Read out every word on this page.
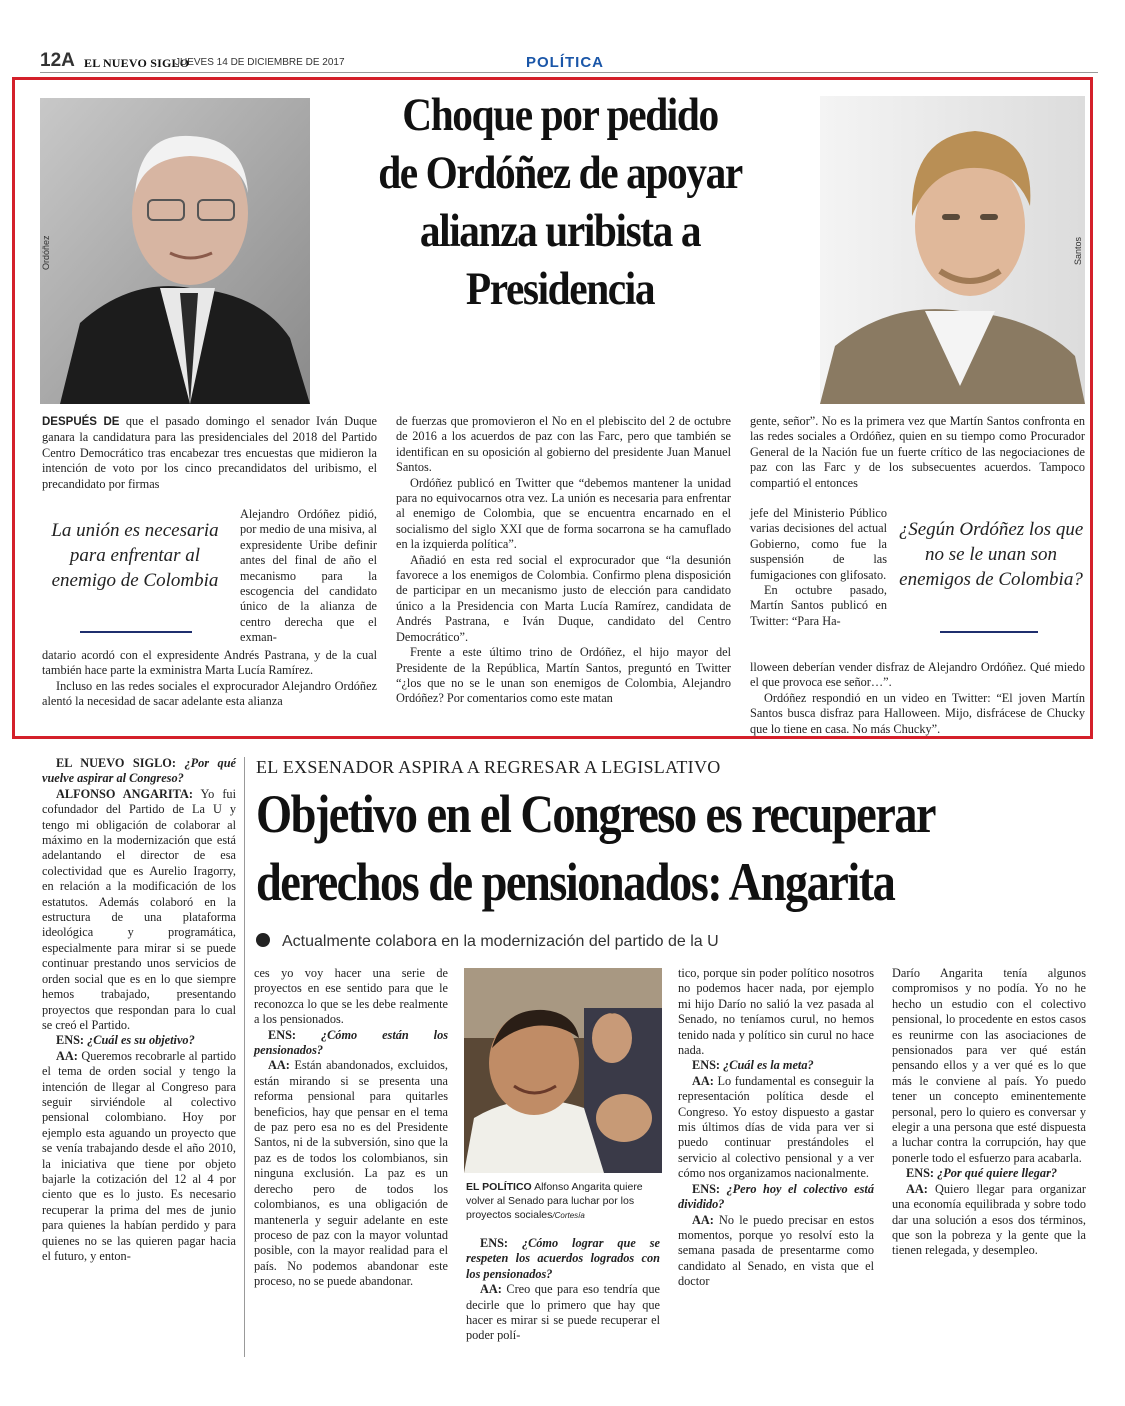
12A EL NUEVO SIGLO
JUEVES 14 DE DICIEMBRE DE 2017	POLÍTICA
Ordóñez	Santos
Choque por pedido
de Ordóñez de apoyar
alianza uribista a
Presidencia

DESPUÉS DE que el pasado domingo el senador Iván Duque ganara la candidatura para las presidenciales del 2018 del Partido Centro Democrático tras encabezar tres encuestas que midieron la intención de voto por los cinco precandidatos del uribismo, el precandidato por firmas

La unión es necesaria para enfrentar al enemigo de Colombia

Alejandro Ordóñez pidió, por medio de una misiva, al expresidente Uribe definir antes del final de año el mecanismo para la escogencia del candidato único de la alianza de centro derecha que el exman-

datario acordó con el expresidente Andrés Pastrana, y de la cual también hace parte la exministra Marta Lucía Ramírez.

Incluso en las redes sociales el exprocurador Alejandro Ordóñez alentó la necesidad de sacar adelante esta alianza

de fuerzas que promovieron el No en el plebiscito del 2 de octubre de 2016 a los acuerdos de paz con las Farc, pero que también se identifican en su oposición al gobierno del presidente Juan Manuel Santos.

Ordóñez publicó en Twitter que “debemos mantener la unidad para no equivocarnos otra vez. La unión es necesaria para enfrentar al enemigo de Colombia, que se encuentra encarnado en el socialismo del siglo XXI que de forma socarrona se ha camuflado en la izquierda política”.

Añadió en esta red social el exprocurador que “la desunión favorece a los enemigos de Colombia. Confirmo plena disposición de participar en un mecanismo justo de elección para candidato único a la Presidencia con Marta Lucía Ramírez, candidata de Andrés Pastrana, e Iván Duque, candidato del Centro Democrático”.

Frente a este último trino de Ordóñez, el hijo mayor del Presidente de la República, Martín Santos, preguntó en Twitter “¿los que no se le unan son enemigos de Colombia, Alejandro Ordóñez? Por comentarios como este matan

gente, señor”. No es la primera vez que Martín Santos confronta en las redes sociales a Ordóñez, quien en su tiempo como Procurador General de la Nación fue un fuerte crítico de las negociaciones de paz con las Farc y de los subsecuentes acuerdos. Tampoco compartió el entonces

jefe del Ministerio Público varias decisiones del actual Gobierno, como fue la suspensión de las fumigaciones con glifosato.

En octubre pasado, Martín Santos publicó en Twitter: “Para Ha-

¿Según Ordóñez los que no se le unan son enemigos de Colombia?

lloween deberían vender disfraz de Alejandro Ordóñez. Qué miedo el que provoca ese señor…”.

Ordóñez respondió en un video en Twitter: “El joven Martín Santos busca disfraz para Halloween. Mijo, disfrácese de Chucky que lo tiene en casa. No más Chucky”.

EL EXSENADOR ASPIRA A REGRESAR A LEGISLATIVO
Objetivo en el Congreso es recuperar
derechos de pensionados: Angarita
Actualmente colabora en la modernización del partido de la U

EL NUEVO SIGLO: ¿Por qué vuelve aspirar al Congreso?

ALFONSO ANGARITA: Yo fui cofundador del Partido de La U y tengo mi obligación de colaborar al máximo en la modernización que está adelantando el director de esa colectividad que es Aurelio Iragorry, en relación a la modificación de los estatutos. Además colaboró en la estructura de una plataforma ideológica y programática, especialmente para mirar si se puede continuar prestando unos servicios de orden social que es en lo que siempre hemos trabajado, presentando proyectos que respondan para lo cual se creó el Partido.

ENS: ¿Cuál es su objetivo?

AA: Queremos recobrarle al partido el tema de orden social y tengo la intención de llegar al Congreso para seguir sirviéndole al colectivo pensional colombiano. Hoy por ejemplo esta aguando un proyecto que se venía trabajando desde el año 2010, la iniciativa que tiene por objeto bajarle la cotización del 12 al 4 por ciento que es lo justo. Es necesario recuperar la prima del mes de junio para quienes la habían perdido y para quienes no se las quieren pagar hacia el futuro, y enton-

ces yo voy hacer una serie de proyectos en ese sentido para que le reconozca lo que se les debe realmente a los pensionados.

ENS: ¿Cómo están los pensionados?

AA: Están abandonados, excluidos, están mirando si se presenta una reforma pensional para quitarles beneficios, hay que pensar en el tema de paz pero esa no es del Presidente Santos, ni de la subversión, sino que la paz es de todos los colombianos, sin ninguna exclusión. La paz es un derecho pero de todos los colombianos, es una obligación de mantenerla y seguir adelante en este proceso de paz con la mayor voluntad posible, con la mayor realidad para el país. No podemos abandonar este proceso, no se puede abandonar.

EL POLÍTICO Alfonso Angarita quiere volver al Senado para luchar por los proyectos sociales/Cortesía

ENS: ¿Cómo lograr que se respeten los acuerdos logrados con los pensionados?

AA: Creo que para eso tendría que decirle que lo primero que hay que hacer es mirar si se puede recuperar el poder polí-

tico, porque sin poder político nosotros no podemos hacer nada, por ejemplo mi hijo Darío no salió la vez pasada al Senado, no teníamos curul, no hemos tenido nada y político sin curul no hace nada.

ENS: ¿Cuál es la meta?

AA: Lo fundamental es conseguir la representación política desde el Congreso. Yo estoy dispuesto a gastar mis últimos días de vida para ver si puedo continuar prestándoles el servicio al colectivo pensional y a ver cómo nos organizamos nacionalmente.

ENS: ¿Pero hoy el colectivo está dividido?

AA: No le puedo precisar en estos momentos, porque yo resolví esto la semana pasada de presentarme como candidato al Senado, en vista que el doctor

Darío Angarita tenía algunos compromisos y no podía. Yo no he hecho un estudio con el colectivo pensional, lo procedente en estos casos es reunirme con las asociaciones de pensionados para ver qué están pensando ellos y a ver qué es lo que más le conviene al país. Yo puedo tener un concepto eminentemente personal, pero lo quiero es conversar y elegir a una persona que esté dispuesta a luchar contra la corrupción, hay que ponerle todo el esfuerzo para acabarla.

ENS: ¿Por qué quiere llegar?

AA: Quiero llegar para organizar una economía equilibrada y sobre todo dar una solución a esos dos términos, que son la pobreza y la gente que la tienen relegada, y desempleo.
